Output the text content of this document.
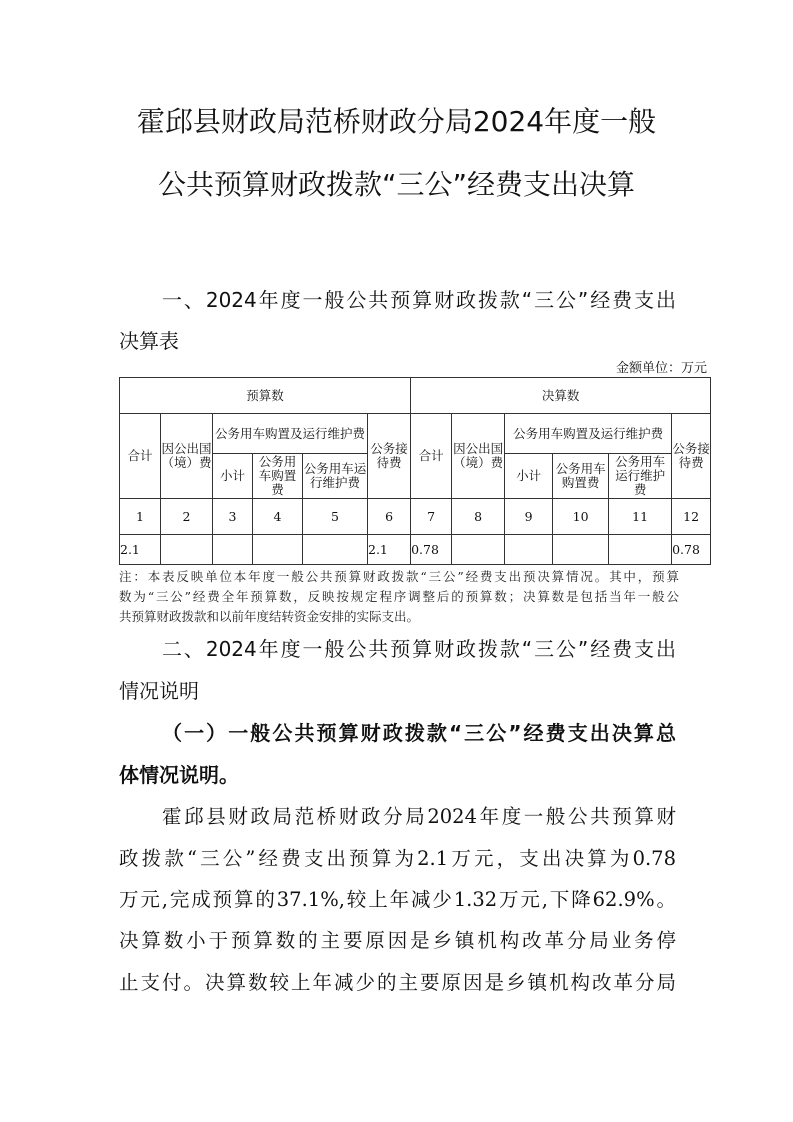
霍邱县财政局范桥财政分局2024年度一般
公共预算财政拨款“三公”经费支出决算
一、2024年度一般公共预算财政拨款“三公”经费支出
决算表
金额单位：万元
预算数						决算数					
合计	因公出国（境）费	公务用车购置及运行维护费			公务接待费	合计	因公出国（境）费	公务用车购置及运行维护费			公务接待费
		小计	公务用车购置费	公务用车运行维护费				小计	公务用车购置费	公务用车运行维护费	
1	2	3	4	5	6	7	8	9	10	11	12
2.1					2.1	0.78					0.78
注：本表反映单位本年度一般公共预算财政拨款“三公”经费支出预决算情况。其中，预算
数为“三公”经费全年预算数，反映按规定程序调整后的预算数；决算数是包括当年一般公
共预算财政拨款和以前年度结转资金安排的实际支出。
二、2024年度一般公共预算财政拨款“三公”经费支出
情况说明
（一）一般公共预算财政拨款“三公”经费支出决算总
体情况说明。
霍邱县财政局范桥财政分局2024年度一般公共预算财
政拨款“三公”经费支出预算为2.1万元，支出决算为0.78
万元,完成预算的37.1%,较上年减少1.32万元,下降62.9%。
决算数小于预算数的主要原因是乡镇机构改革分局业务停
止支付。决算数较上年减少的主要原因是乡镇机构改革分局
